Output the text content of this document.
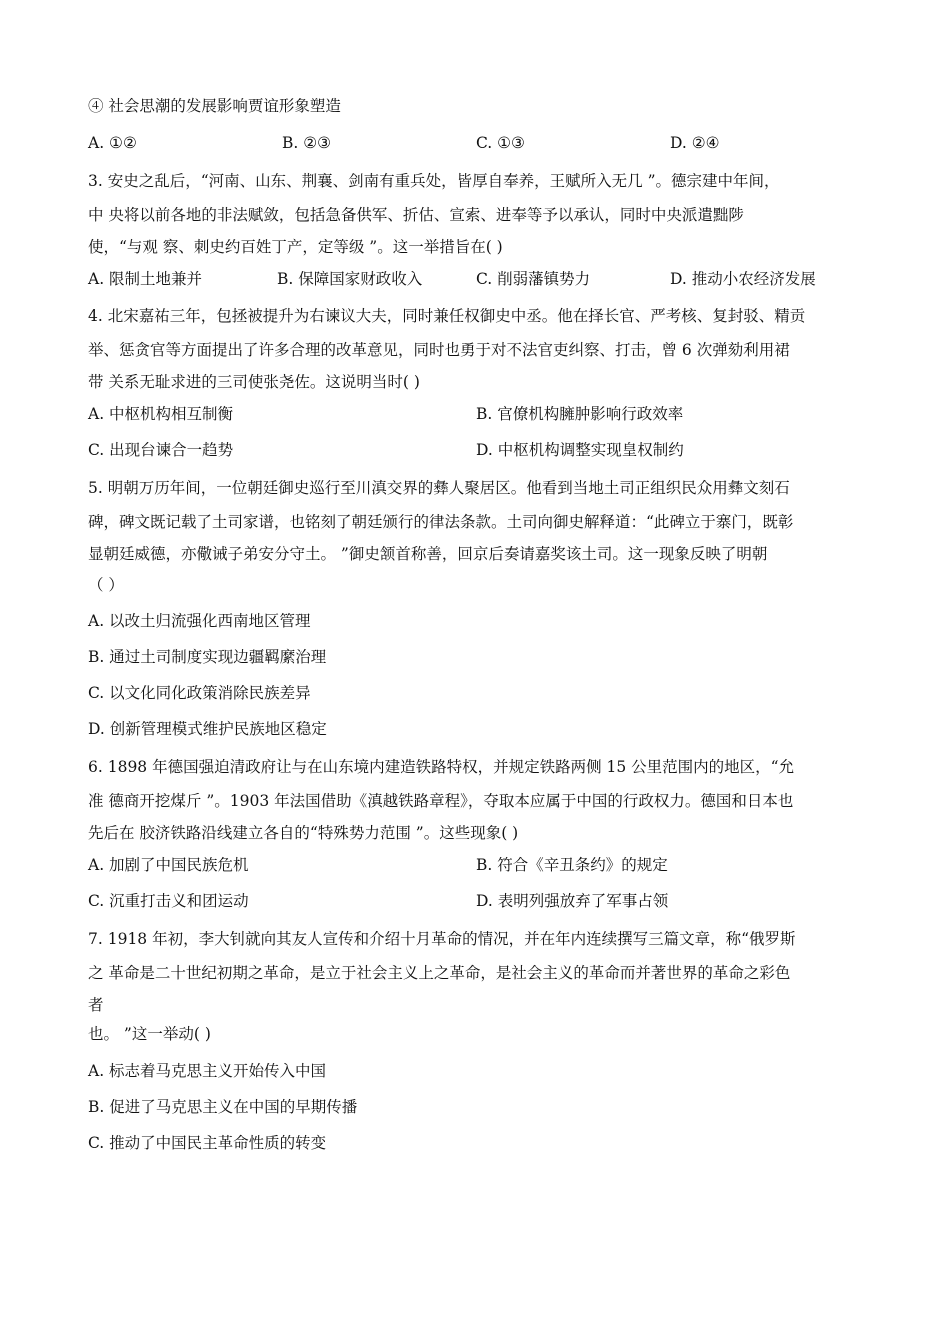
④ 社会思潮的发展影响贾谊形象塑造
A. ①②	B. ②③	C. ①③	D. ②④
3. 安史之乱后，“河南、山东、荆襄、剑南有重兵处，皆厚自奉养，王赋所入无几 ”。德宗建中年间，
中 央将以前各地的非法赋敛，包括急备供军、折估、宣索、进奉等予以承认，同时中央派遣黜陟
使，“与观 察、刺史约百姓丁产，定等级 ”。这一举措旨在( )
A. 限制土地兼并	B. 保障国家财政收入	C. 削弱藩镇势力	D. 推动小农经济发展
4. 北宋嘉祐三年，包拯被提升为右谏议大夫，同时兼任权御史中丞。他在择长官、严考核、复封驳、精贡
举、惩贪官等方面提出了许多合理的改革意见，同时也勇于对不法官吏纠察、打击，曾 6 次弹劾利用裙
带 关系无耻求进的三司使张尧佐。这说明当时( )
A. 中枢机构相互制衡	B. 官僚机构臃肿影响行政效率
C. 出现台谏合一趋势	D. 中枢机构调整实现皇权制约
5. 明朝万历年间，一位朝廷御史巡行至川滇交界的彝人聚居区。他看到当地土司正组织民众用彝文刻石
碑，碑文既记载了土司家谱，也铭刻了朝廷颁行的律法条款。土司向御史解释道：“此碑立于寨门，既彰
显朝廷威德，亦儆诫子弟安分守土。 ”御史颔首称善，回京后奏请嘉奖该土司。这一现象反映了明朝
（ ）
A. 以改土归流强化西南地区管理
B. 通过土司制度实现边疆羁縻治理
C. 以文化同化政策消除民族差异
D. 创新管理模式维护民族地区稳定
6. 1898 年德国强迫清政府让与在山东境内建造铁路特权，并规定铁路两侧 15 公里范围内的地区，“允
准 德商开挖煤斤 ”。1903 年法国借助《滇越铁路章程》，夺取本应属于中国的行政权力。德国和日本也
先后在 胶济铁路沿线建立各自的“特殊势力范围 ”。这些现象( )
A. 加剧了中国民族危机	B. 符合《辛丑条约》的规定
C. 沉重打击义和团运动	D. 表明列强放弃了军事占领
7. 1918 年初，李大钊就向其友人宣传和介绍十月革命的情况，并在年内连续撰写三篇文章，称“俄罗斯
之 革命是二十世纪初期之革命，是立于社会主义上之革命，是社会主义的革命而并著世界的革命之彩色
者
也。 ”这一举动( )
A. 标志着马克思主义开始传入中国
B. 促进了马克思主义在中国的早期传播
C. 推动了中国民主革命性质的转变
